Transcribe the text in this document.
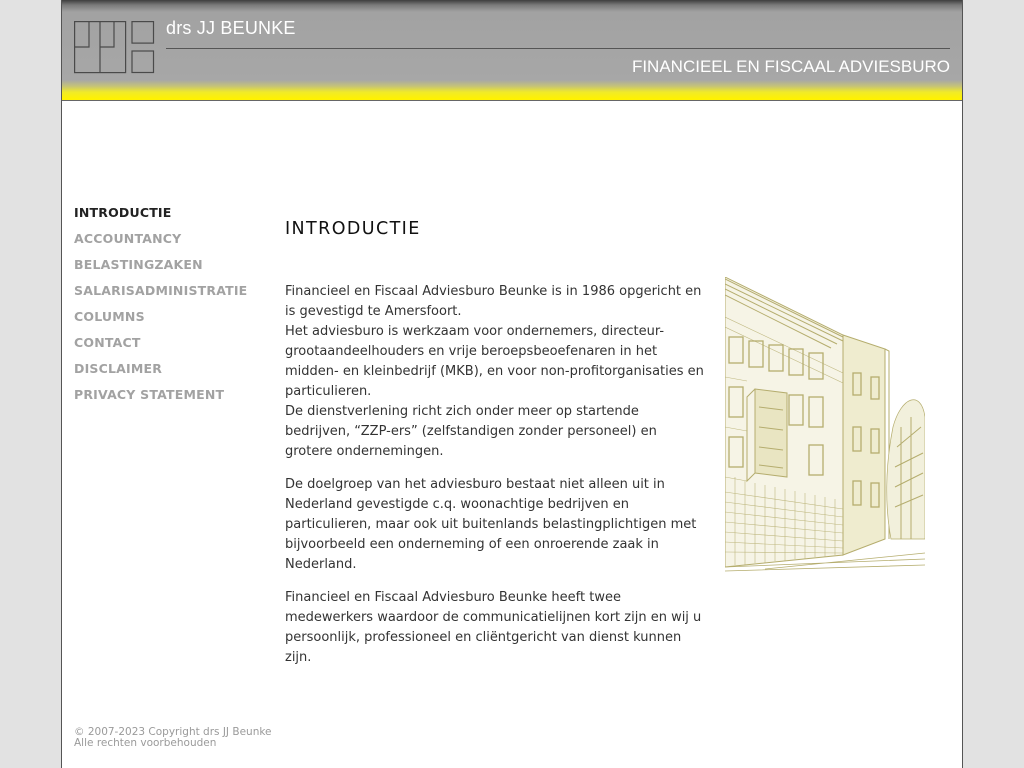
drs JJ BEUNKE
FINANCIEEL EN FISCAAL ADVIESBURO
INTRODUCTIE
ACCOUNTANCY
BELASTINGZAKEN
SALARISADMINISTRATIE
COLUMNS
CONTACT
DISCLAIMER
PRIVACY STATEMENT
INTRODUCTIE

Financieel en Fiscaal Adviesburo Beunke is in 1986 opgericht en is gevestigd te Amersfoort.
Het adviesburo is werkzaam voor ondernemers, directeur-grootaandeelhouders en vrije beroepsbeoefenaren in het midden- en kleinbedrijf (MKB), en voor non-profitorganisaties en particulieren.
De dienstverlening richt zich onder meer op startende bedrijven, “ZZP-ers” (zelfstandigen zonder personeel) en grotere ondernemingen.

De doelgroep van het adviesburo bestaat niet alleen uit in Nederland gevestigde c.q. woonachtige bedrijven en particulieren, maar ook uit buitenlands belastingplichtigen met bijvoorbeeld een onderneming of een onroerende zaak in Nederland.

Financieel en Fiscaal Adviesburo Beunke heeft twee medewerkers waardoor de communicatielijnen kort zijn en wij u persoonlijk, professioneel en cliëntgericht van dienst kunnen zijn.

© 2007-2023 Copyright drs JJ Beunke
Alle rechten voorbehouden
